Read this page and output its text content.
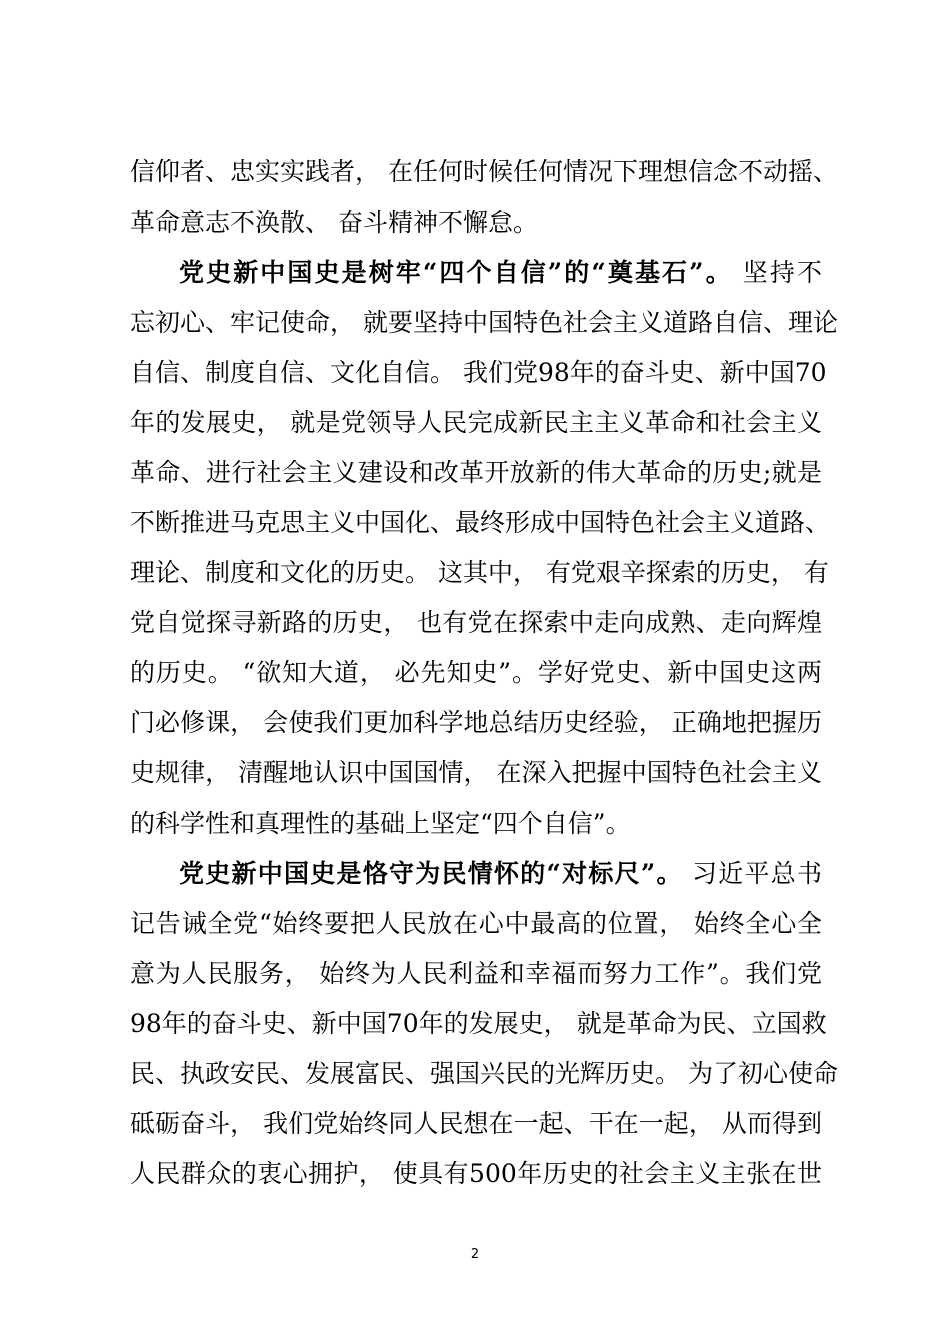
信仰者、忠实实践者， 在任何时候任何情况下理想信念不动摇、
革命意志不涣散、 奋斗精神不懈怠。
党史新中国史是树牢“四个自信”的“奠基石”。 坚持不
忘初心、牢记使命， 就要坚持中国特色社会主义道路自信、理论
自信、制度自信、文化自信。 我们党98年的奋斗史、新中国70
年的发展史， 就是党领导人民完成新民主主义革命和社会主义
革命、进行社会主义建设和改革开放新的伟大革命的历史;就是
不断推进马克思主义中国化、最终形成中国特色社会主义道路、
理论、制度和文化的历史。 这其中， 有党艰辛探索的历史， 有
党自觉探寻新路的历史， 也有党在探索中走向成熟、走向辉煌
的历史。 “欲知大道， 必先知史”。学好党史、新中国史这两
门必修课， 会使我们更加科学地总结历史经验， 正确地把握历
史规律， 清醒地认识中国国情， 在深入把握中国特色社会主义
的科学性和真理性的基础上坚定“四个自信”。
党史新中国史是恪守为民情怀的“对标尺”。 习近平总书
记告诫全党“始终要把人民放在心中最高的位置， 始终全心全
意为人民服务， 始终为人民利益和幸福而努力工作”。我们党
98年的奋斗史、新中国70年的发展史， 就是革命为民、立国救
民、执政安民、发展富民、强国兴民的光辉历史。 为了初心使命
砥砺奋斗， 我们党始终同人民想在一起、干在一起， 从而得到
人民群众的衷心拥护， 使具有500年历史的社会主义主张在世
2
